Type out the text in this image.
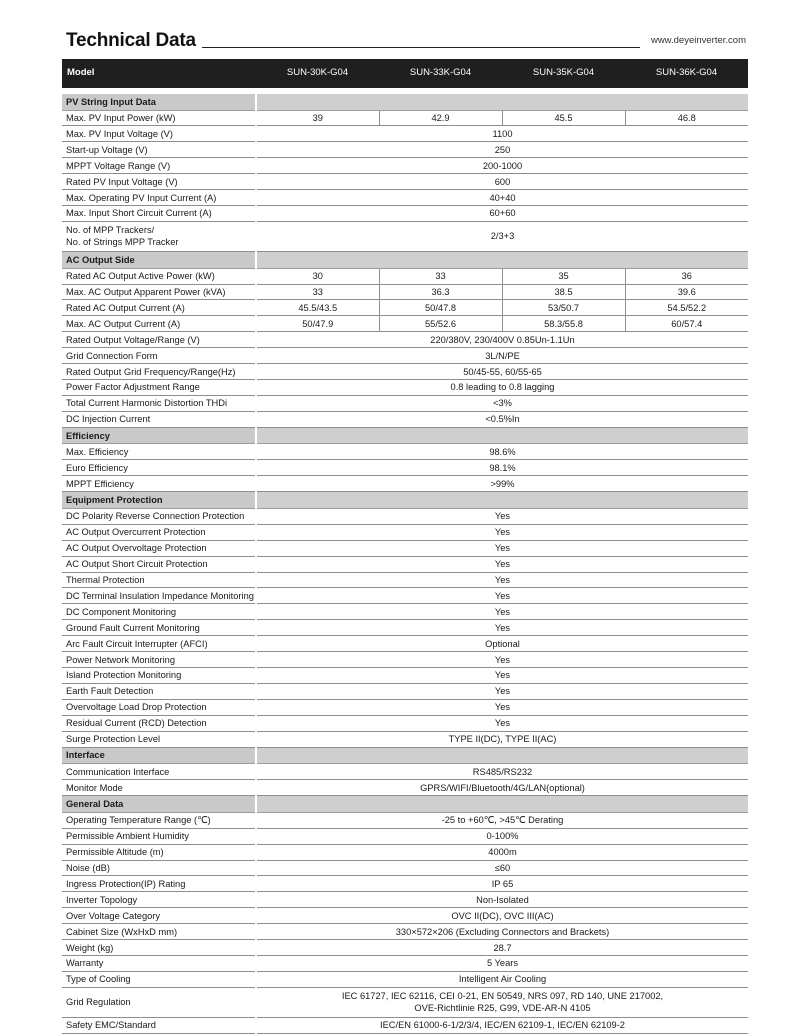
Technical Data	www.deyeinverter.com
Model	SUN-30K-G04	SUN-33K-G04	SUN-35K-G04	SUN-36K-G04

PV String Input Data				
Max. PV Input Power (kW)	39	42.9	45.5	46.8
Max. PV Input Voltage (V)	1100			
Start-up Voltage (V)	250			
MPPT Voltage Range (V)	200-1000			
Rated PV Input Voltage (V)	600			
Max. Operating PV Input Current (A)	40+40			
Max. Input Short Circuit Current (A)	60+60			

No. of MPP Trackers/
No. of Strings MPP Tracker	2/3+3			
AC Output Side				
Rated AC Output Active Power (kW)	30	33	35	36
Max. AC Output Apparent Power (kVA)	33	36.3	38.5	39.6
Rated AC Output Current (A)	45.5/43.5	50/47.8	53/50.7	54.5/52.2
Max. AC Output Current (A)	50/47.9	55/52.6	58.3/55.8	60/57.4
Rated Output Voltage/Range (V)	220/380V, 230/400V 0.85Un-1.1Un			
Grid Connection Form	3L/N/PE			
Rated Output Grid Frequency/Range(Hz)	50/45-55, 60/55-65			
Power Factor Adjustment Range	0.8 leading to 0.8 lagging			
Total Current Harmonic Distortion THDi	<3%			
DC Injection Current	<0.5%In			
Efficiency				
Max. Efficiency	98.6%			
Euro Efficiency	98.1%			
MPPT Efficiency	>99%			
Equipment Protection				
DC Polarity Reverse Connection Protection	Yes			
AC Output Overcurrent Protection	Yes			
AC Output Overvoltage Protection	Yes			
AC Output Short Circuit Protection	Yes			
Thermal Protection	Yes			
DC Terminal Insulation Impedance Monitoring	Yes			
DC Component Monitoring	Yes			
Ground Fault Current Monitoring	Yes			
Arc Fault Circuit Interrupter (AFCI)	Optional			
Power Network Monitoring	Yes			
Island Protection Monitoring	Yes			
Earth Fault Detection	Yes			
Overvoltage Load Drop Protection	Yes			
Residual Current (RCD) Detection	Yes			
Surge Protection Level	TYPE II(DC), TYPE II(AC)			
Interface				
Communication Interface	RS485/RS232			
Monitor Mode	GPRS/WIFI/Bluetooth/4G/LAN(optional)			
General Data				
Operating Temperature Range (℃)	-25 to +60℃, >45℃ Derating			
Permissible Ambient Humidity	0-100%			
Permissible Altitude (m)	4000m			
Noise (dB)	≤60			
Ingress Protection(IP) Rating	IP 65			
Inverter Topology	Non-Isolated			
Over Voltage Category	OVC II(DC), OVC III(AC)			
Cabinet Size (WxHxD mm)	330×572×206 (Excluding Connectors and Brackets)			
Weight (kg)	28.7			
Warranty	5 Years			
Type of Cooling	Intelligent Air Cooling			
Grid Regulation	IEC 61727, IEC 62116, CEI 0-21, EN 50549, NRS 097, RD 140, UNE 217002,
OVE-Richtlinie R25, G99, VDE-AR-N 4105			

Safety EMC/Standard	IEC/EN 61000-6-1/2/3/4, IEC/EN 62109-1, IEC/EN 62109-2			
